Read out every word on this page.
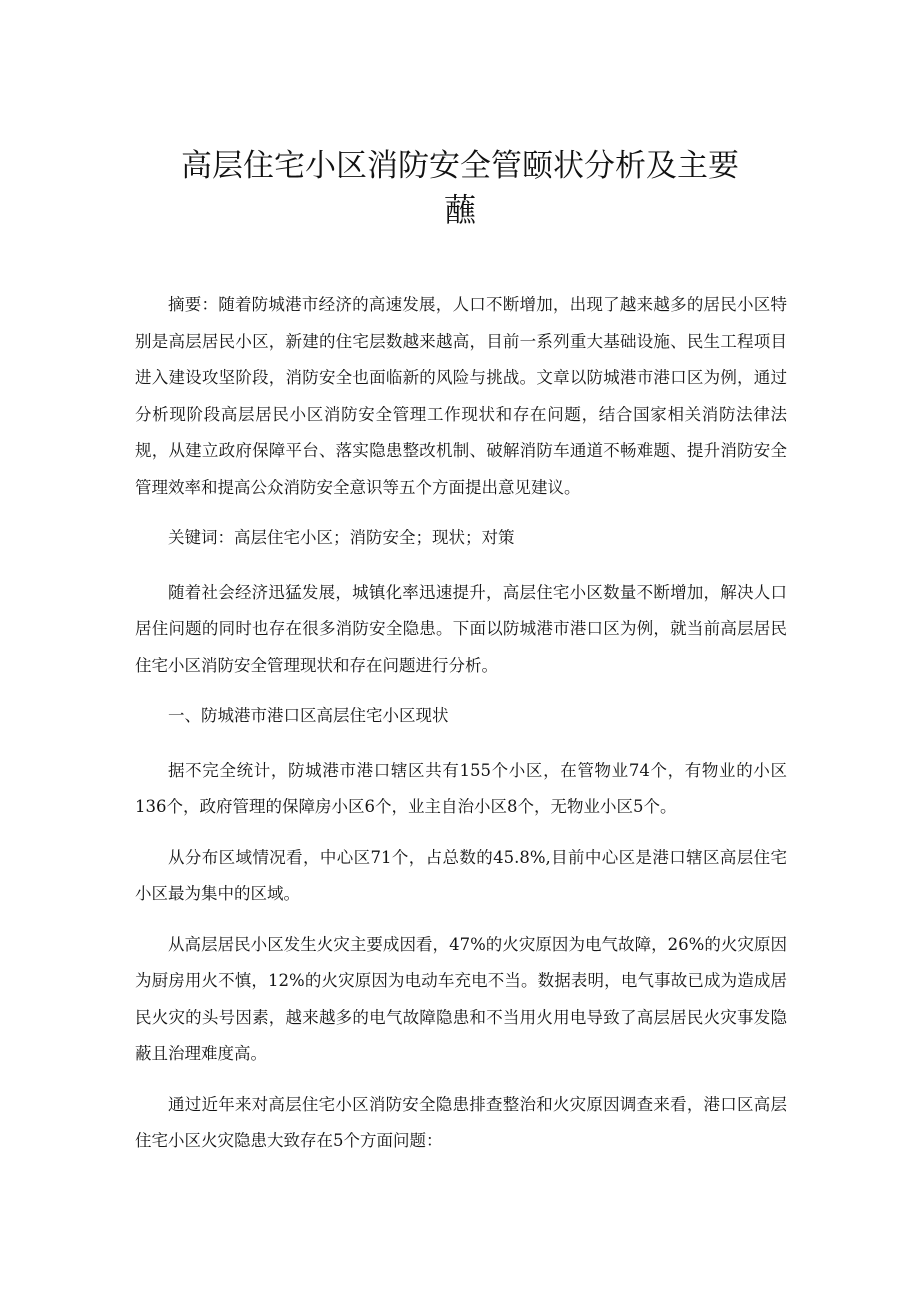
高层住宅小区消防安全管颐状分析及主要
蘸

摘要：随着防城港市经济的高速发展，人口不断增加，出现了越来越多的居民小区特别是高层居民小区，新建的住宅层数越来越高，目前一系列重大基础设施、民生工程项目进入建设攻坚阶段，消防安全也面临新的风险与挑战。文章以防城港市港口区为例，通过分析现阶段高层居民小区消防安全管理工作现状和存在问题，结合国家相关消防法律法规，从建立政府保障平台、落实隐患整改机制、破解消防车通道不畅难题、提升消防安全管理效率和提高公众消防安全意识等五个方面提出意见建议。

关键词：高层住宅小区；消防安全；现状；对策

随着社会经济迅猛发展，城镇化率迅速提升，高层住宅小区数量不断增加，解决人口居住问题的同时也存在很多消防安全隐患。下面以防城港市港口区为例，就当前高层居民住宅小区消防安全管理现状和存在问题进行分析。

一、防城港市港口区高层住宅小区现状

据不完全统计，防城港市港口辖区共有155个小区，在管物业74个，有物业的小区136个，政府管理的保障房小区6个，业主自治小区8个，无物业小区5个。

从分布区域情况看，中心区71个，占总数的45.8%,目前中心区是港口辖区高层住宅小区最为集中的区域。

从高层居民小区发生火灾主要成因看，47%的火灾原因为电气故障，26%的火灾原因为厨房用火不慎，12%的火灾原因为电动车充电不当。数据表明，电气事故已成为造成居民火灾的头号因素，越来越多的电气故障隐患和不当用火用电导致了高层居民火灾事发隐蔽且治理难度高。

通过近年来对高层住宅小区消防安全隐患排查整治和火灾原因调查来看，港口区高层住宅小区火灾隐患大致存在5个方面问题：
